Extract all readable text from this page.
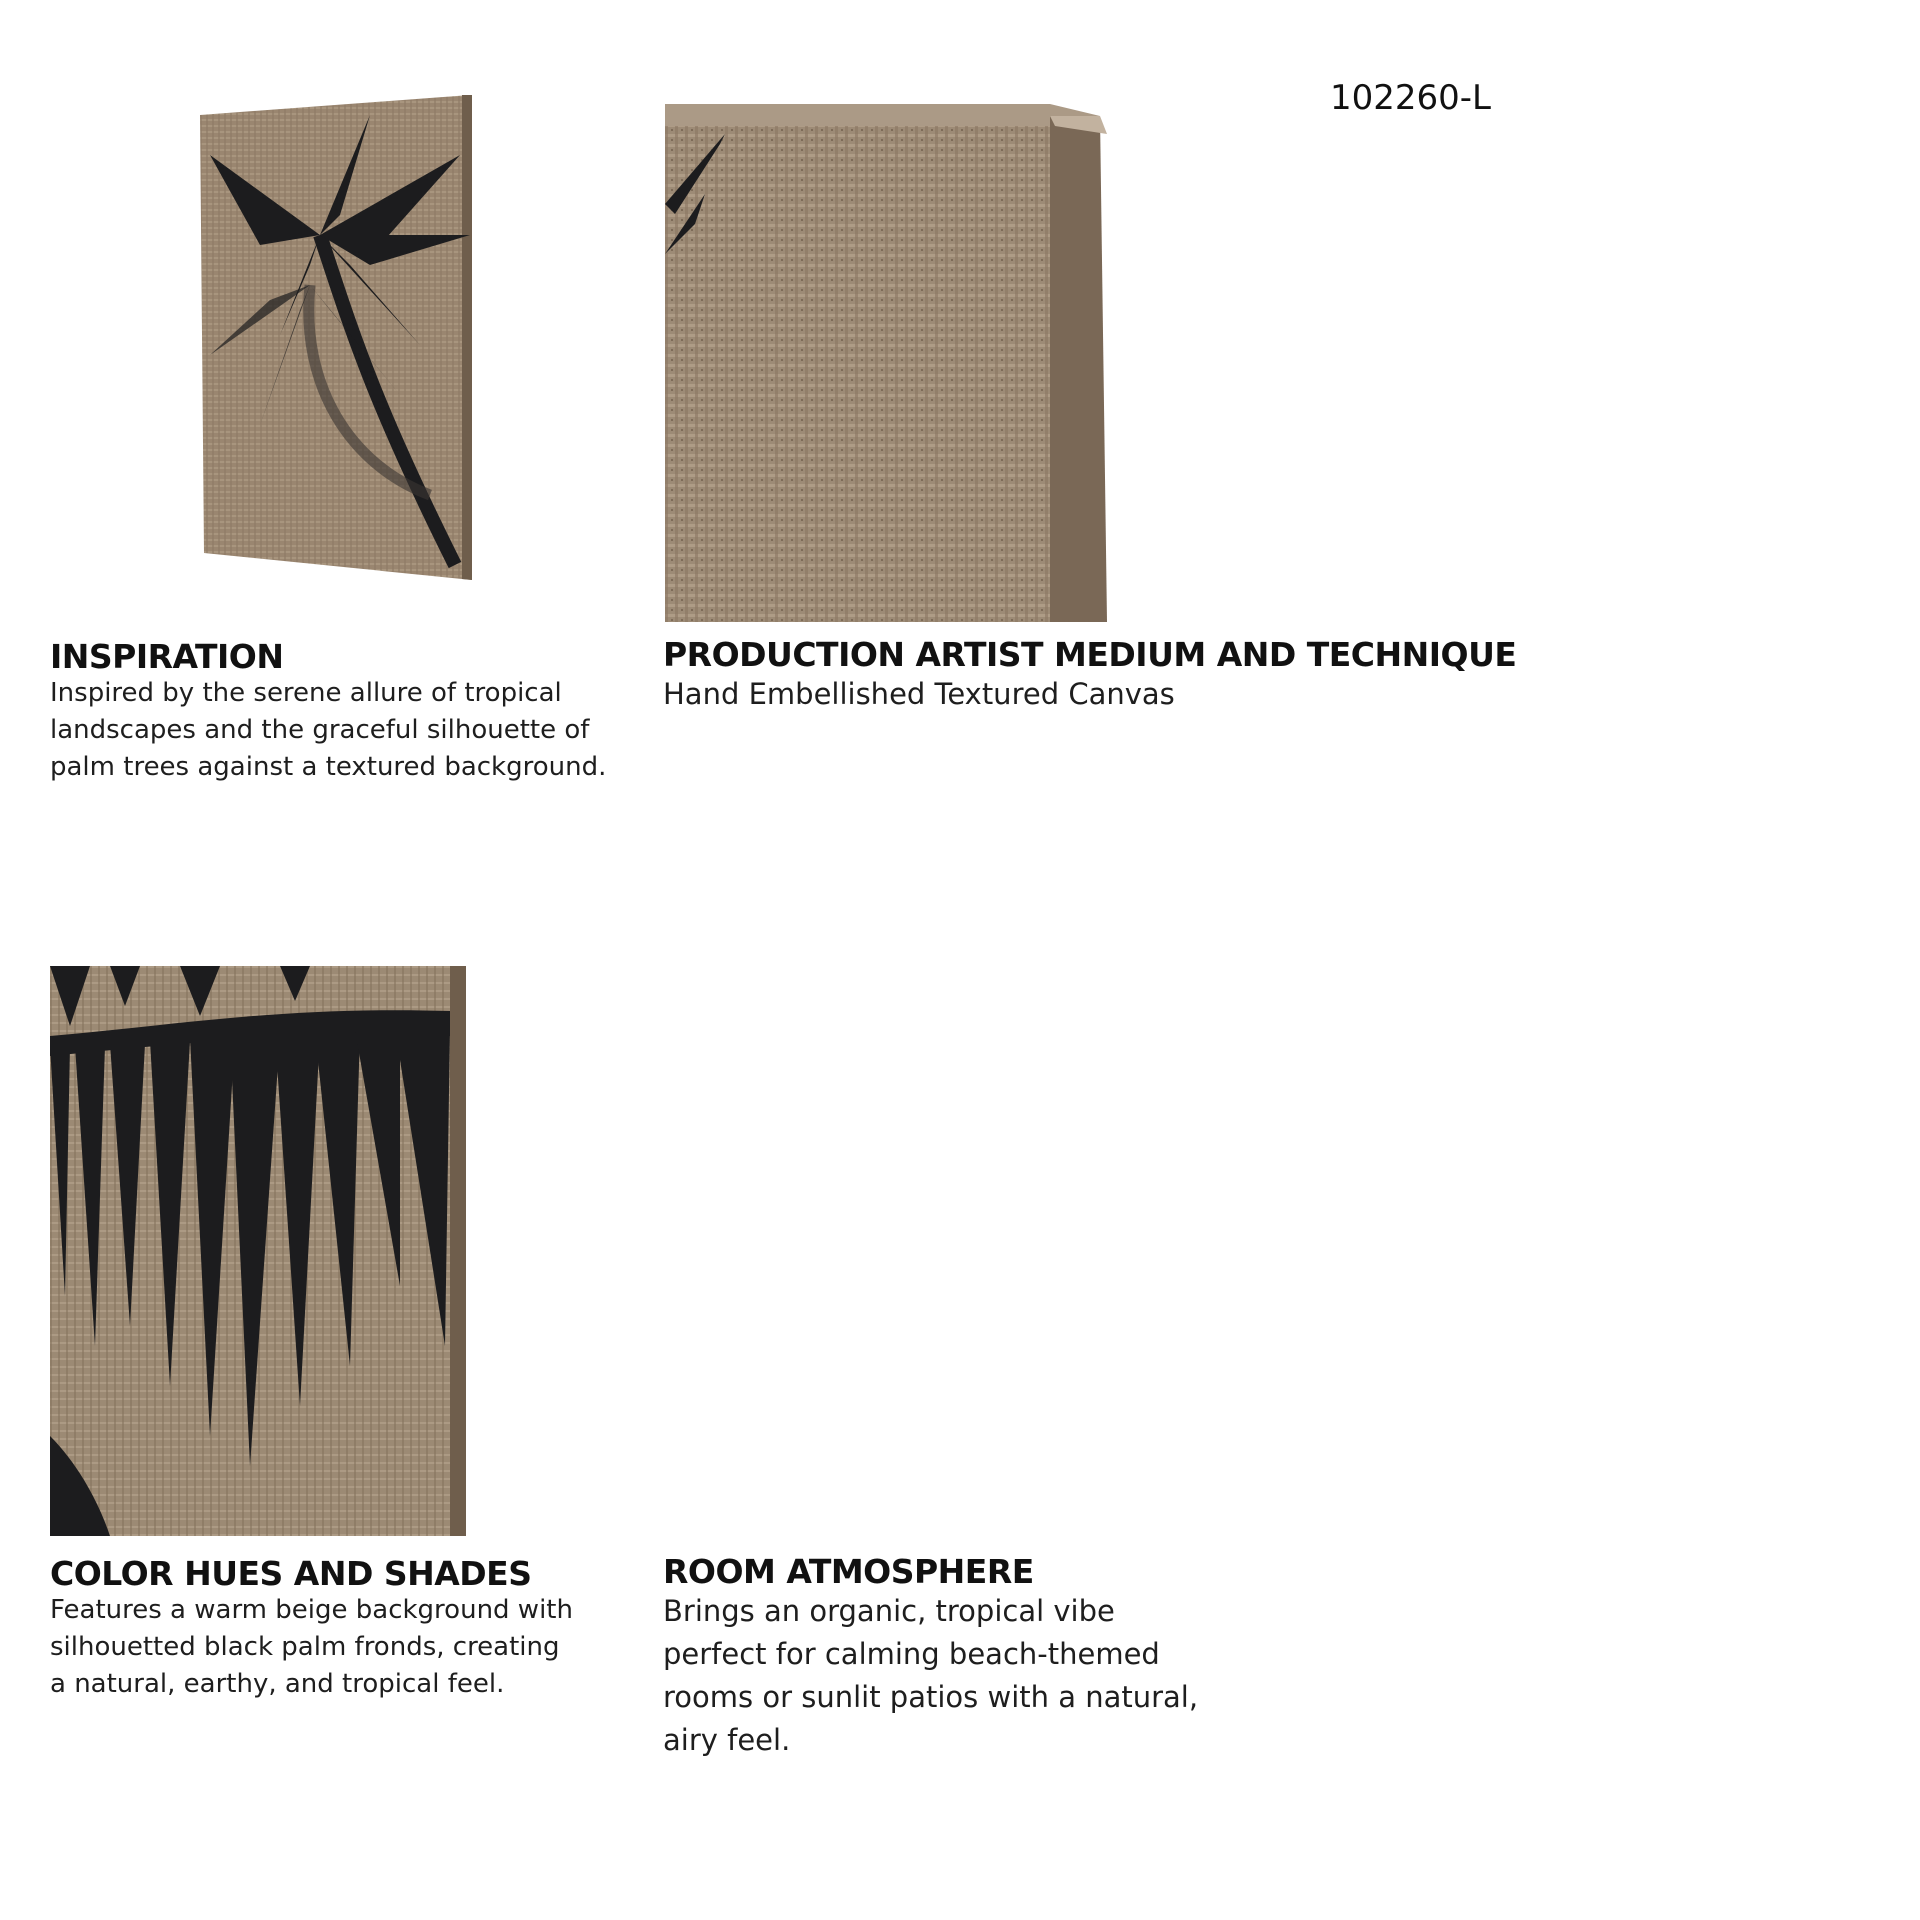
102260-L
INSPIRATION
Inspired by the serene allure of tropical landscapes and the graceful silhouette of palm trees against a textured background.
PRODUCTION ARTIST MEDIUM AND TECHNIQUE
Hand Embellished Textured Canvas
COLOR HUES AND SHADES
Features a warm beige background with silhouetted black palm fronds, creating a natural, earthy, and tropical feel.
ROOM ATMOSPHERE
Brings an organic, tropical vibe perfect for calming beach-themed rooms or sunlit patios with a natural, airy feel.
